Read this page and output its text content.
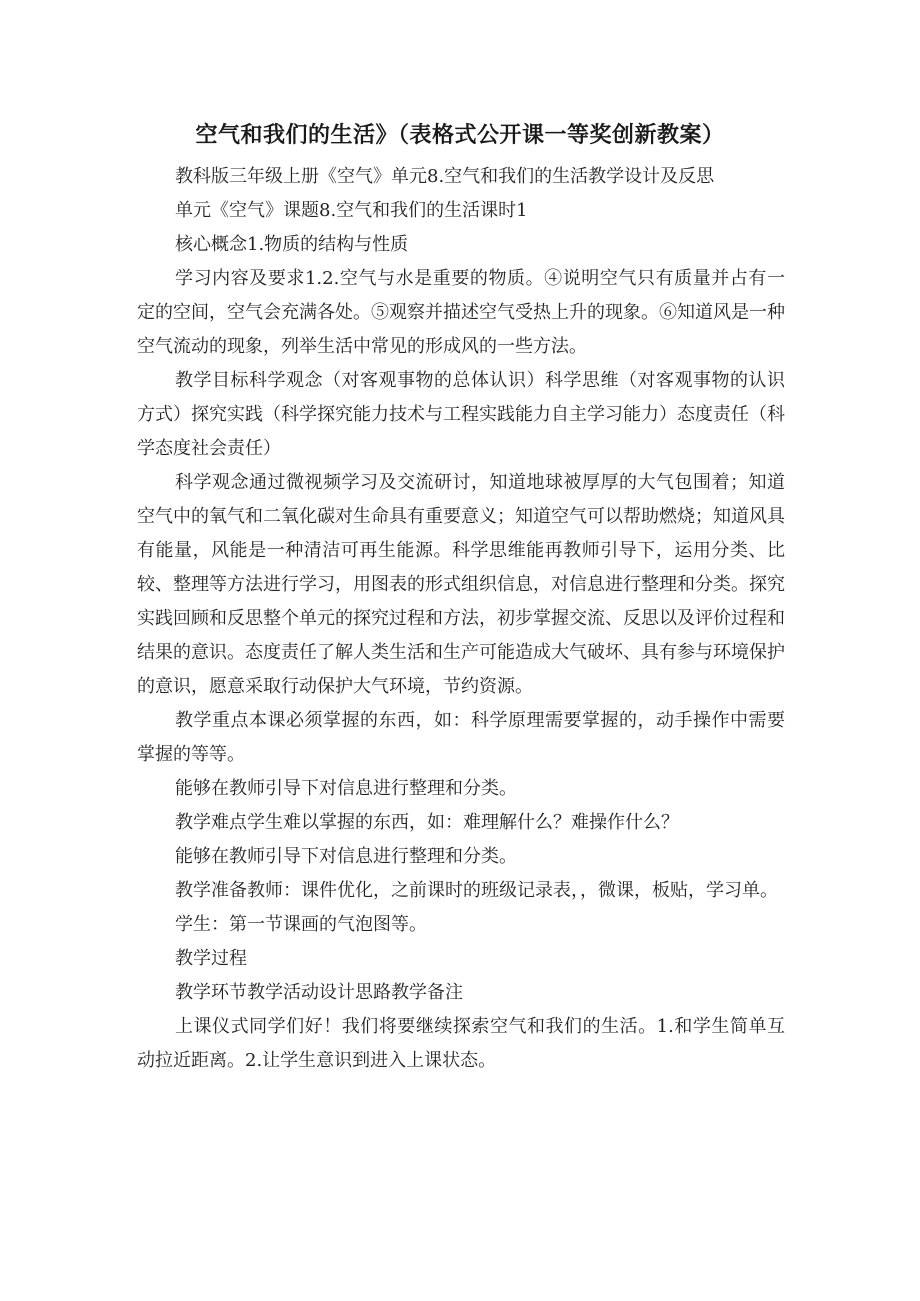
空气和我们的生活》（表格式公开课一等奖创新教案）

教科版三年级上册《空气》单元8.空气和我们的生活教学设计及反思

单元《空气》课题8.空气和我们的生活课时1

核心概念1.物质的结构与性质

学习内容及要求1.2.空气与水是重要的物质。④说明空气只有质量并占有一定的空间，空气会充满各处。⑤观察并描述空气受热上升的现象。⑥知道风是一种空气流动的现象，列举生活中常见的形成风的一些方法。

教学目标科学观念（对客观事物的总体认识）科学思维（对客观事物的认识方式）探究实践（科学探究能力技术与工程实践能力自主学习能力）态度责任（科学态度社会责任）

科学观念通过微视频学习及交流研讨，知道地球被厚厚的大气包围着；知道空气中的氧气和二氧化碳对生命具有重要意义；知道空气可以帮助燃烧；知道风具有能量，风能是一种清洁可再生能源。科学思维能再教师引导下，运用分类、比较、整理等方法进行学习，用图表的形式组织信息，对信息进行整理和分类。探究实践回顾和反思整个单元的探究过程和方法，初步掌握交流、反思以及评价过程和结果的意识。态度责任了解人类生活和生产可能造成大气破坏、具有参与环境保护的意识，愿意采取行动保护大气环境，节约资源。

教学重点本课必须掌握的东西，如：科学原理需要掌握的，动手操作中需要掌握的等等。

能够在教师引导下对信息进行整理和分类。

教学难点学生难以掌握的东西，如：难理解什么？难操作什么？

能够在教师引导下对信息进行整理和分类。

教学准备教师：课件优化，之前课时的班级记录表，，微课，板贴，学习单。

学生：第一节课画的气泡图等。

教学过程

教学环节教学活动设计思路教学备注

上课仪式同学们好！我们将要继续探索空气和我们的生活。1.和学生简单互动拉近距离。2.让学生意识到进入上课状态。
